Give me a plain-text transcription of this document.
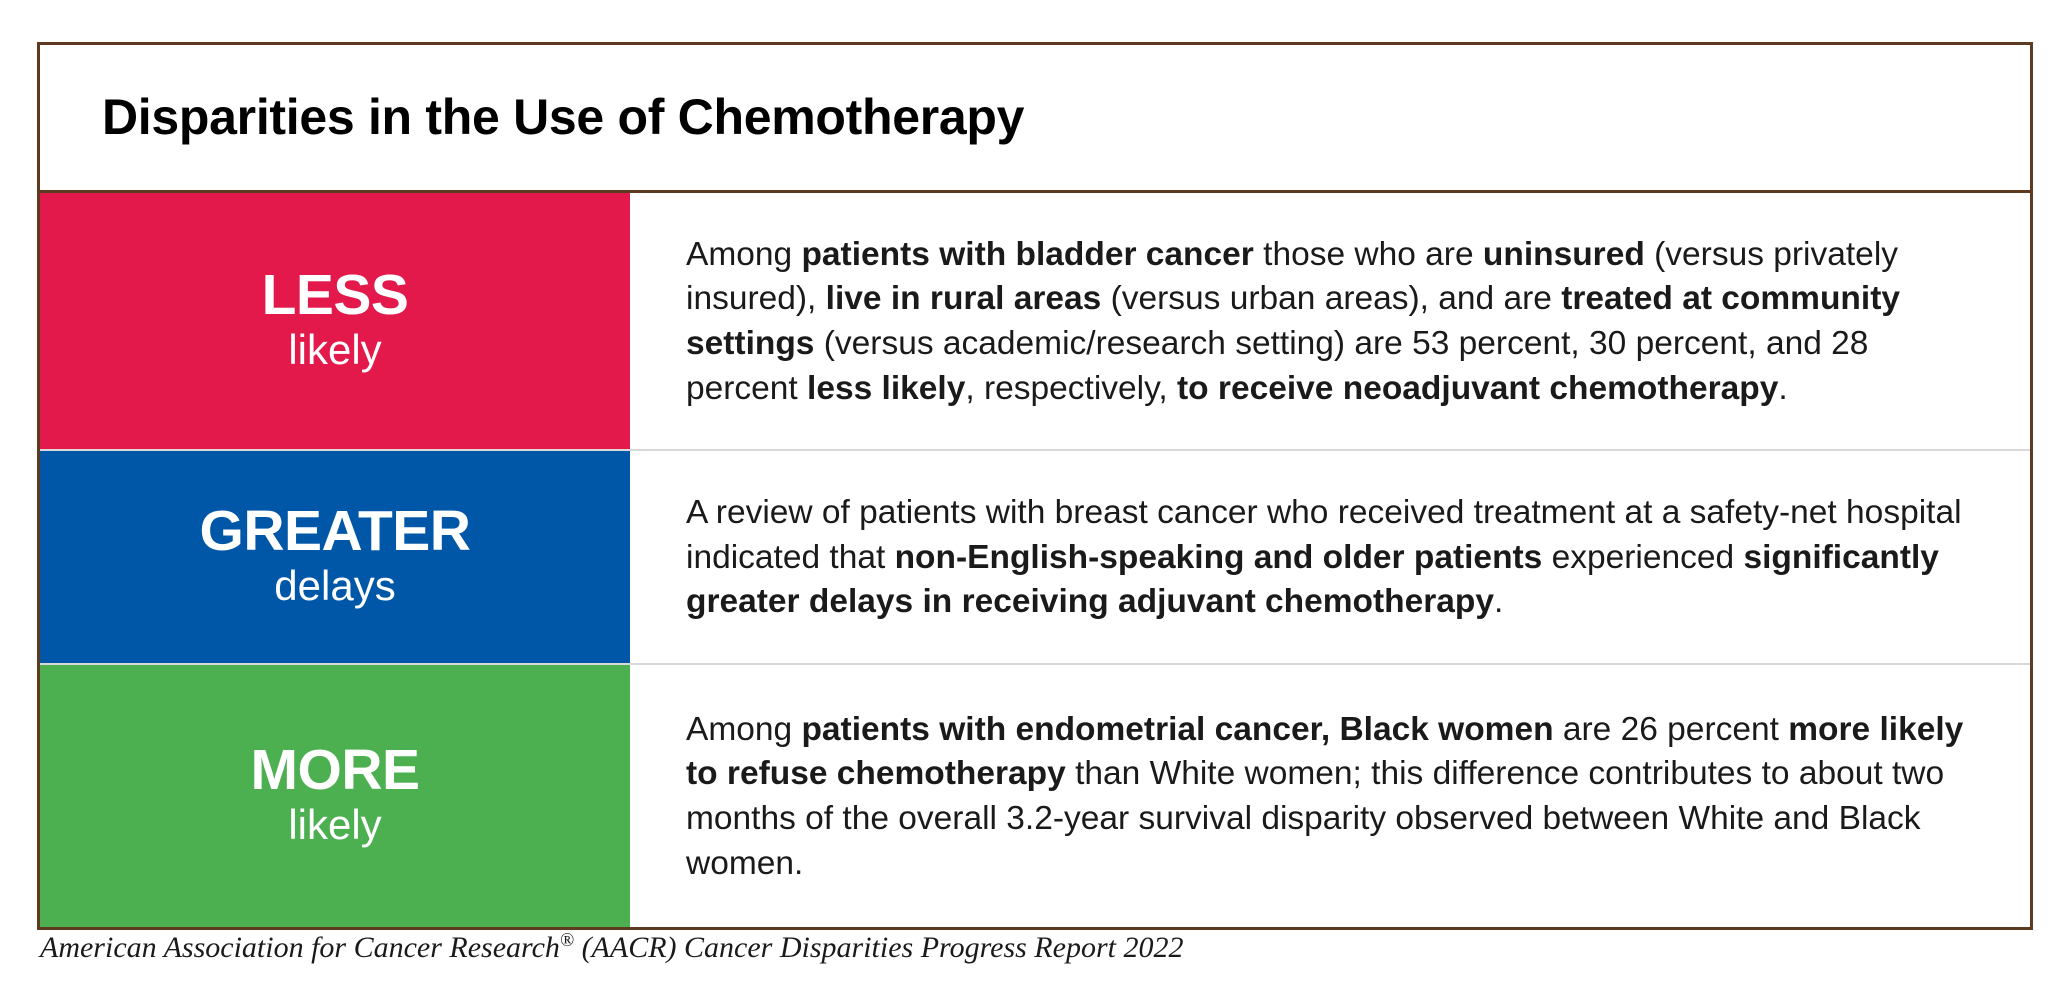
Disparities in the Use of Chemotherapy
LESS
likely
Among patients with bladder cancer those who are uninsured (versus privately insured), live in rural areas (versus urban areas), and are treated at community settings (versus academic/research setting) are 53 percent, 30 percent, and 28 percent less likely, respectively, to receive neoadjuvant chemotherapy.
GREATER
delays
A review of patients with breast cancer who received treatment at a safety-net hospital indicated that non-English-speaking and older patients experienced significantly greater delays in receiving adjuvant chemotherapy.
MORE
likely
Among patients with endometrial cancer, Black women are 26 percent more likely to refuse chemotherapy than White women; this difference contributes to about two months of the overall 3.2-year survival disparity observed between White and Black women.
American Association for Cancer Research® (AACR) Cancer Disparities Progress Report 2022
